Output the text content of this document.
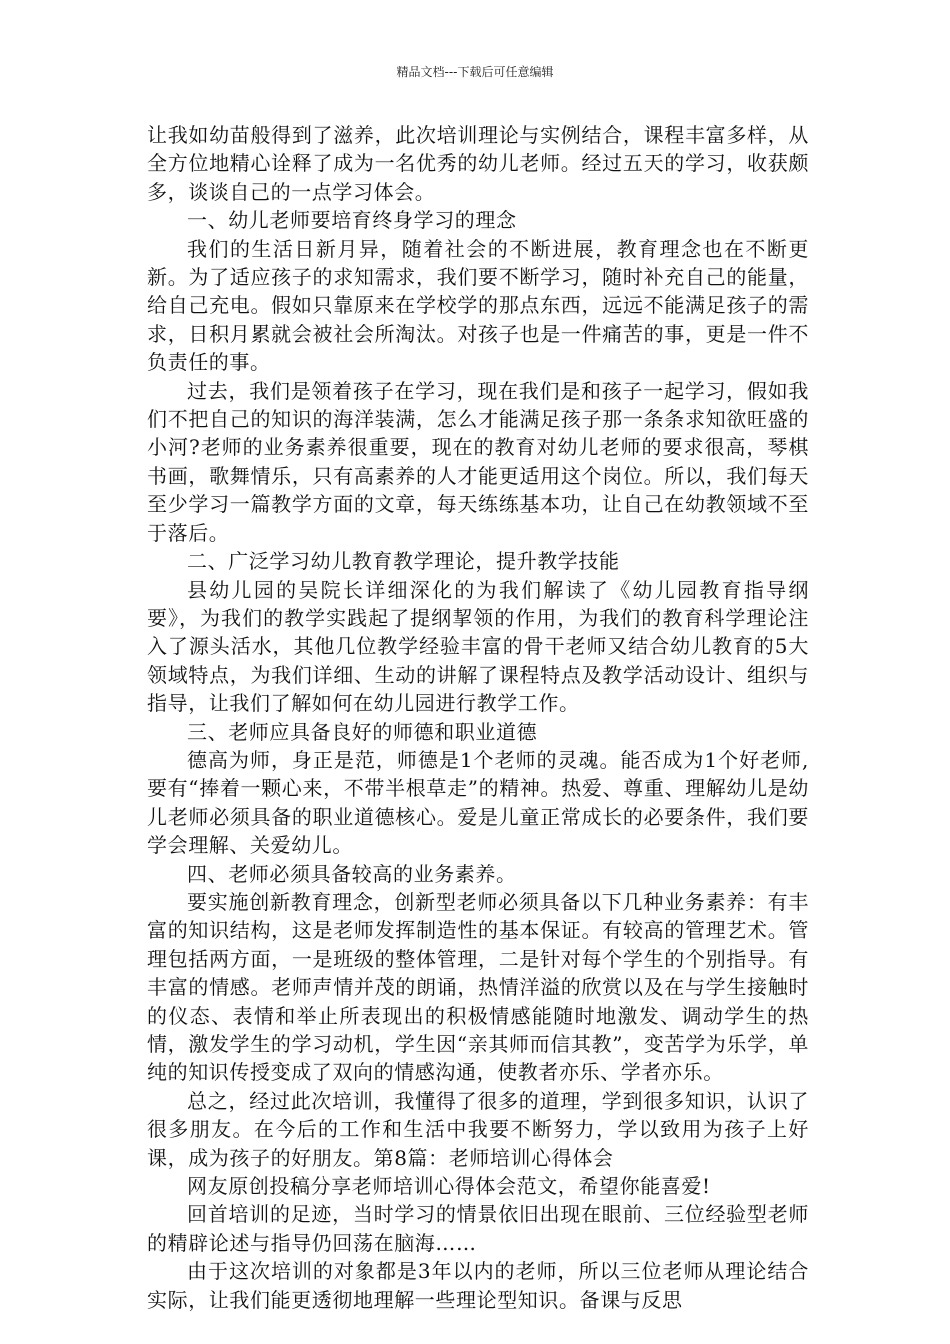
精品文档---下载后可任意编辑

让我如幼苗般得到了滋养，此次培训理论与实例结合，课程丰富多样，从全方位地精心诠释了成为一名优秀的幼儿老师。经过五天的学习，收获颇多，谈谈自己的一点学习体会。

一、幼儿老师要培育终身学习的理念

我们的生活日新月异，随着社会的不断进展，教育理念也在不断更新。为了适应孩子的求知需求，我们要不断学习，随时补充自己的能量，给自己充电。假如只靠原来在学校学的那点东西，远远不能满足孩子的需求，日积月累就会被社会所淘汰。对孩子也是一件痛苦的事，更是一件不负责任的事。

过去，我们是领着孩子在学习，现在我们是和孩子一起学习，假如我们不把自己的知识的海洋装满，怎么才能满足孩子那一条条求知欲旺盛的小河?老师的业务素养很重要，现在的教育对幼儿老师的要求很高，琴棋书画，歌舞情乐，只有高素养的人才能更适用这个岗位。所以，我们每天至少学习一篇教学方面的文章，每天练练基本功，让自己在幼教领域不至于落后。

二、广泛学习幼儿教育教学理论，提升教学技能

县幼儿园的吴院长详细深化的为我们解读了《幼儿园教育指导纲要》，为我们的教学实践起了提纲挈领的作用，为我们的教育科学理论注入了源头活水，其他几位教学经验丰富的骨干老师又结合幼儿教育的5大领域特点，为我们详细、生动的讲解了课程特点及教学活动设计、组织与指导，让我们了解如何在幼儿园进行教学工作。

三、老师应具备良好的师德和职业道德

德高为师，身正是范，师德是1个老师的灵魂。能否成为1个好老师,要有“捧着一颗心来，不带半根草走”的精神。热爱、尊重、理解幼儿是幼儿老师必须具备的职业道德核心。爱是儿童正常成长的必要条件，我们要学会理解、关爱幼儿。

四、老师必须具备较高的业务素养。

要实施创新教育理念，创新型老师必须具备以下几种业务素养：有丰富的知识结构，这是老师发挥制造性的基本保证。有较高的管理艺术。管理包括两方面，一是班级的整体管理，二是针对每个学生的个别指导。有丰富的情感。老师声情并茂的朗诵，热情洋溢的欣赏以及在与学生接触时的仪态、表情和举止所表现出的积极情感能随时地激发、调动学生的热情，激发学生的学习动机，学生因“亲其师而信其教”，变苦学为乐学，单纯的知识传授变成了双向的情感沟通，使教者亦乐、学者亦乐。

总之，经过此次培训，我懂得了很多的道理，学到很多知识，认识了很多朋友。在今后的工作和生活中我要不断努力，学以致用为孩子上好课，成为孩子的好朋友。第8篇：老师培训心得体会

网友原创投稿分享老师培训心得体会范文，希望你能喜爱!

回首培训的足迹，当时学习的情景依旧出现在眼前、三位经验型老师的精辟论述与指导仍回荡在脑海……

由于这次培训的对象都是3年以内的老师，所以三位老师从理论结合实际，让我们能更透彻地理解一些理论型知识。备课与反思
